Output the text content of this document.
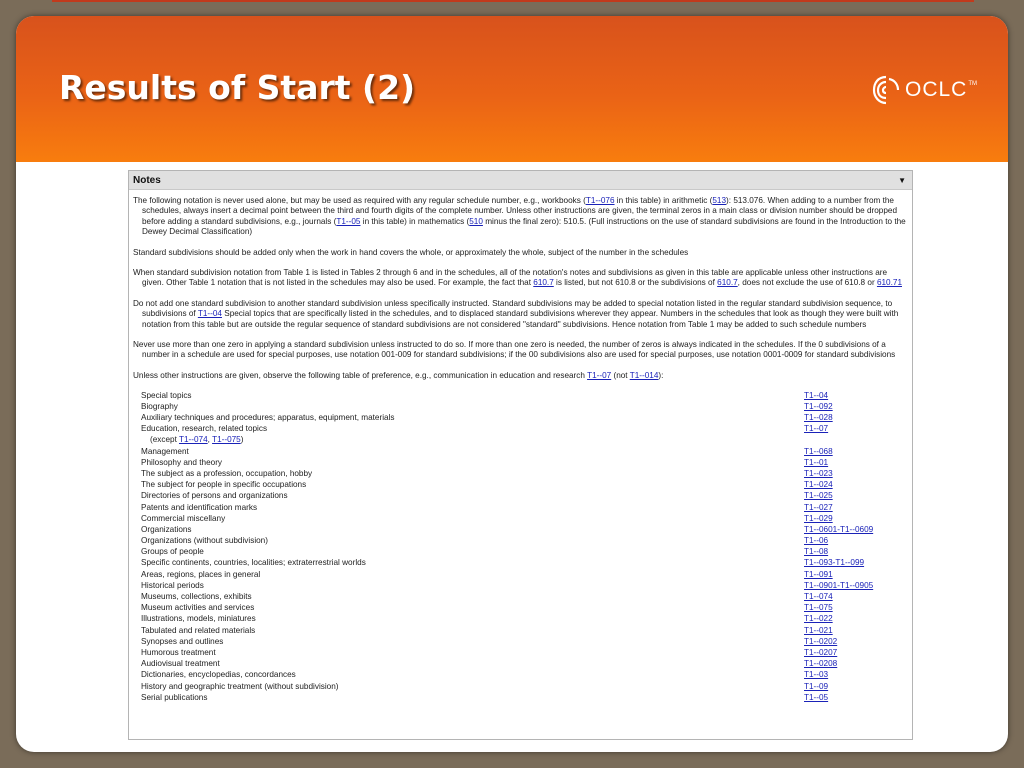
Results of Start (2)	OCLC TM
Notes	▼

The following notation is never used alone, but may be used as required with any regular schedule number, e.g., workbooks (T1--076 in this table) in arithmetic (513): 513.076. When adding to a number from the schedules, always insert a decimal point between the third and fourth digits of the complete number. Unless other instructions are given, the terminal zeros in a main class or division number should be dropped before adding a standard subdivisions, e.g., journals (T1--05 in this table) in mathematics (510 minus the final zero): 510.5. (Full instructions on the use of standard subdivisions are found in the Introduction to the Dewey Decimal Classification)

Standard subdivisions should be added only when the work in hand covers the whole, or approximately the whole, subject of the number in the schedules

When standard subdivision notation from Table 1 is listed in Tables 2 through 6 and in the schedules, all of the notation's notes and subdivisions as given in this table are applicable unless other instructions are given. Other Table 1 notation that is not listed in the schedules may also be used. For example, the fact that 610.7 is listed, but not 610.8 or the subdivisions of 610.7, does not exclude the use of 610.8 or 610.71

Do not add one standard subdivision to another standard subdivision unless specifically instructed. Standard subdivisions may be added to special notation listed in the regular standard subdivision sequence, to subdivisions of T1--04 Special topics that are specifically listed in the schedules, and to displaced standard subdivisions wherever they appear. Numbers in the schedules that look as though they were built with notation from this table but are outside the regular sequence of standard subdivisions are not considered "standard" subdivisions. Hence notation from Table 1 may be added to such schedule numbers

Never use more than one zero in applying a standard subdivision unless instructed to do so. If more than one zero is needed, the number of zeros is always indicated in the schedules. If the 0 subdivisions of a number in a schedule are used for special purposes, use notation 001-009 for standard subdivisions; if the 00 subdivisions also are used for special purposes, use notation 0001-0009 for standard subdivisions

Unless other instructions are given, observe the following table of preference, e.g., communication in education and research T1--07 (not T1--014):

Special topics	T1--04
Biography	T1--092
Auxiliary techniques and procedures; apparatus, equipment, materials	T1--028
Education, research, related topics	T1--07
(except T1--074, T1--075)
Management	T1--068
Philosophy and theory	T1--01
The subject as a profession, occupation, hobby	T1--023
The subject for people in specific occupations	T1--024
Directories of persons and organizations	T1--025
Patents and identification marks	T1--027
Commercial miscellany	T1--029
Organizations	T1--0601-T1--0609
Organizations (without subdivision)	T1--06
Groups of people	T1--08
Specific continents, countries, localities; extraterrestrial worlds	T1--093-T1--099
Areas, regions, places in general	T1--091
Historical periods	T1--0901-T1--0905
Museums, collections, exhibits	T1--074
Museum activities and services	T1--075
Illustrations, models, miniatures	T1--022
Tabulated and related materials	T1--021
Synopses and outlines	T1--0202
Humorous treatment	T1--0207
Audiovisual treatment	T1--0208
Dictionaries, encyclopedias, concordances	T1--03
History and geographic treatment (without subdivision)	T1--09
Serial publications	T1--05
